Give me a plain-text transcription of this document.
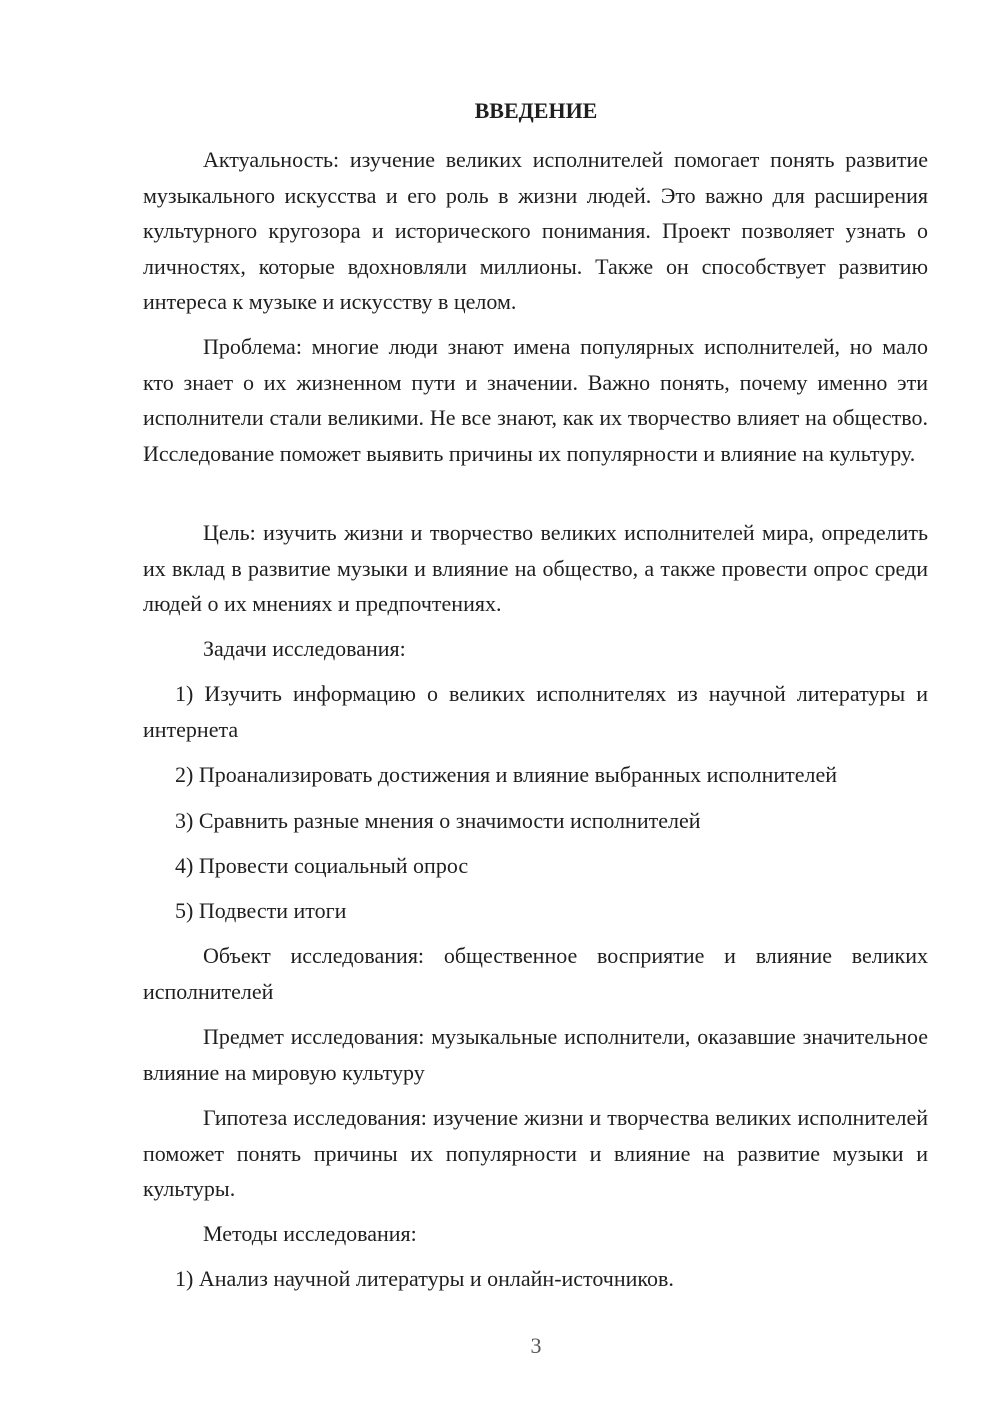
ВВЕДЕНИЕ

Актуальность: изучение великих исполнителей помогает понять развитие музыкального искусства и его роль в жизни людей. Это важно для расширения культурного кругозора и исторического понимания. Проект позволяет узнать о личностях, которые вдохновляли миллионы. Также он способствует развитию интереса к музыке и искусству в целом.

Проблема: многие люди знают имена популярных исполнителей, но мало кто знает о их жизненном пути и значении. Важно понять, почему именно эти исполнители стали великими. Не все знают, как их творчество влияет на общество. Исследование поможет выявить причины их популярности и влияние на культуру.

Цель: изучить жизни и творчество великих исполнителей мира, определить их вклад в развитие музыки и влияние на общество, а также провести опрос среди людей о их мнениях и предпочтениях.

Задачи исследования:

1) Изучить информацию о великих исполнителях из научной литературы и интернета

2) Проанализировать достижения и влияние выбранных исполнителей

3) Сравнить разные мнения о значимости исполнителей

4) Провести социальный опрос

5) Подвести итоги

Объект исследования: общественное восприятие и влияние великих исполнителей

Предмет исследования: музыкальные исполнители, оказавшие значительное влияние на мировую культуру

Гипотеза исследования: изучение жизни и творчества великих исполнителей поможет понять причины их популярности и влияние на развитие музыки и культуры.

Методы исследования:

1) Анализ научной литературы и онлайн-источников.

3
